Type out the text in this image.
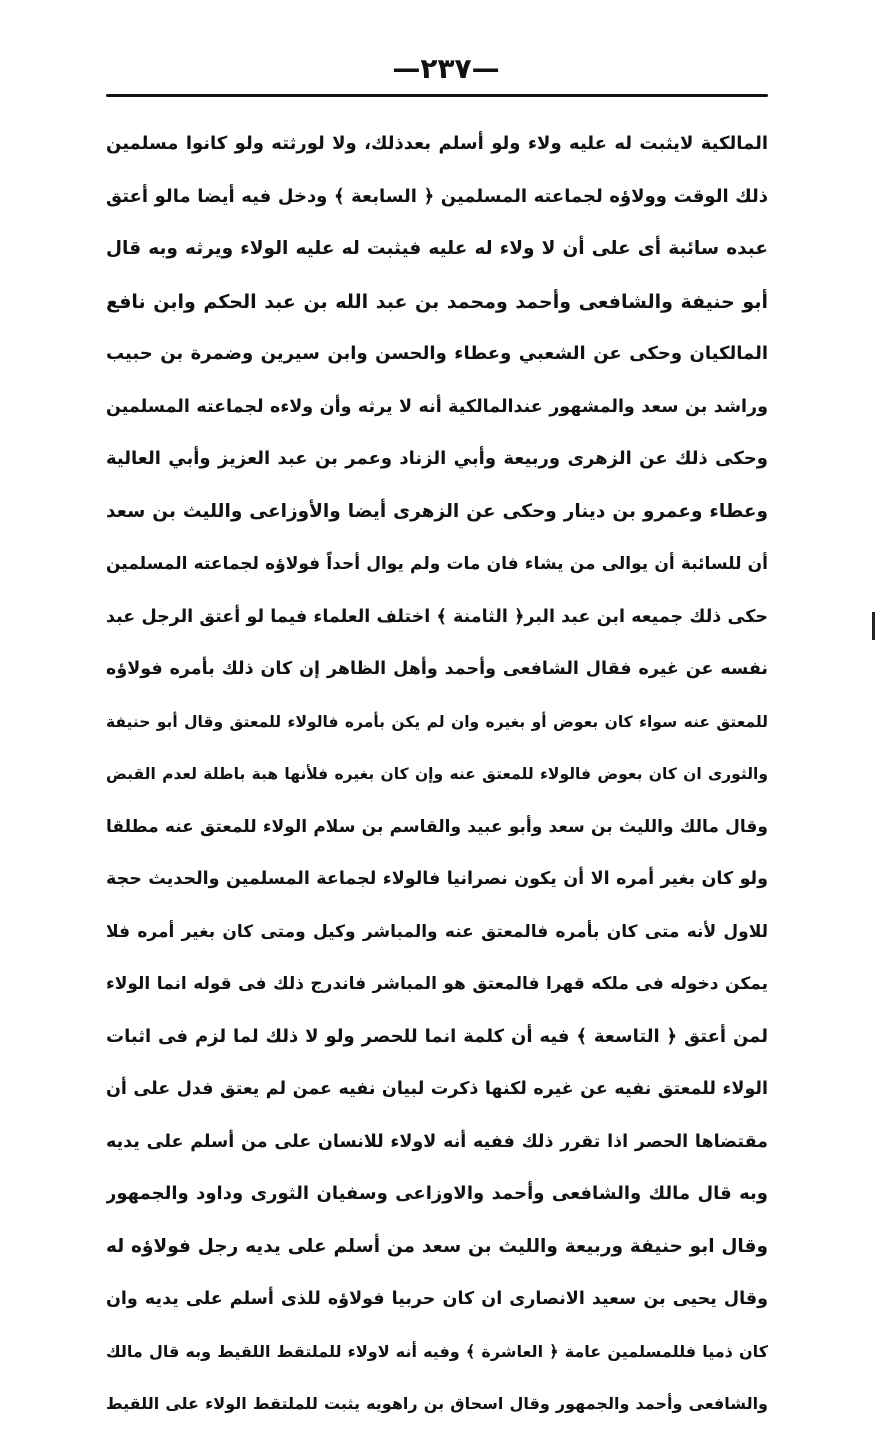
—٢٣٧—
المالكية لايثبت له عليه ولاء ولو أسلم بعدذلك، ولا لورثته ولو كانوا مسلمين
ذلك الوقت وولاؤه لجماعته المسلمين ﴿ السابعة ﴾ ودخل فيه أيضا مالو أعتق
عبده سائبة أى على أن لا ولاء له عليه فيثبت له عليه الولاء ويرثه وبه قال
أبو حنيفة والشافعى وأحمد ومحمد بن عبد الله بن عبد الحكم وابن نافع
المالكيان وحكى عن الشعبي وعطاء والحسن وابن سيرين وضمرة بن حبيب
وراشد بن سعد والمشهور عندالمالكية أنه لا يرثه وأن ولاءه لجماعته المسلمين
وحكى ذلك عن الزهرى وربيعة وأبي الزناد وعمر بن عبد العزيز وأبي العالية
وعطاء وعمرو بن دينار وحكى عن الزهرى أيضا والأوزاعى والليث بن سعد
أن للسائبة أن يوالى من يشاء فان مات ولم يوال أحداً فولاؤه لجماعته المسلمين
حكى ذلك جميعه ابن عبد البر﴿ الثامنة ﴾ اختلف العلماء فيما لو أعتق الرجل عبد
نفسه عن غيره فقال الشافعى وأحمد وأهل الظاهر إن كان ذلك بأمره فولاؤه
للمعتق عنه سواء كان بعوض أو بغيره وان لم يكن بأمره فالولاء للمعتق وقال أبو حنيفة
والثورى ان كان بعوض فالولاء للمعتق عنه وإن كان بغيره فلأنها هبة باطلة لعدم القبض
وقال مالك والليث بن سعد وأبو عبيد والقاسم بن سلام الولاء للمعتق عنه مطلقا
ولو كان بغير أمره الا أن يكون نصرانيا فالولاء لجماعة المسلمين والحديث حجة
للاول لأنه متى كان بأمره فالمعتق عنه والمباشر وكيل ومتى كان بغير أمره فلا
يمكن دخوله فى ملكه قهرا فالمعتق هو المباشر فاندرج ذلك فى قوله انما الولاء
لمن أعتق ﴿ التاسعة ﴾ فيه أن كلمة انما للحصر ولو لا ذلك لما لزم فى اثبات
الولاء للمعتق نفيه عن غيره لكنها ذكرت لبيان نفيه عمن لم يعتق فدل على أن
مقتضاها الحصر اذا تقرر ذلك ففيه أنه لاولاء للانسان على من أسلم على يديه
وبه قال مالك والشافعى وأحمد والاوزاعى وسفيان الثورى وداود والجمهور
وقال ابو حنيفة وربيعة والليث بن سعد من أسلم على يديه رجل فولاؤه له
وقال يحيى بن سعيد الانصارى ان كان حربيا فولاؤه للذى أسلم على يديه وان
كان ذميا فللمسلمين عامة ﴿ العاشرة ﴾ وفيه أنه لاولاء للملتقط اللقيط وبه قال مالك
والشافعى وأحمد والجمهور وقال اسحاق بن راهويه يثبت للملتقط الولاء على اللقيط
